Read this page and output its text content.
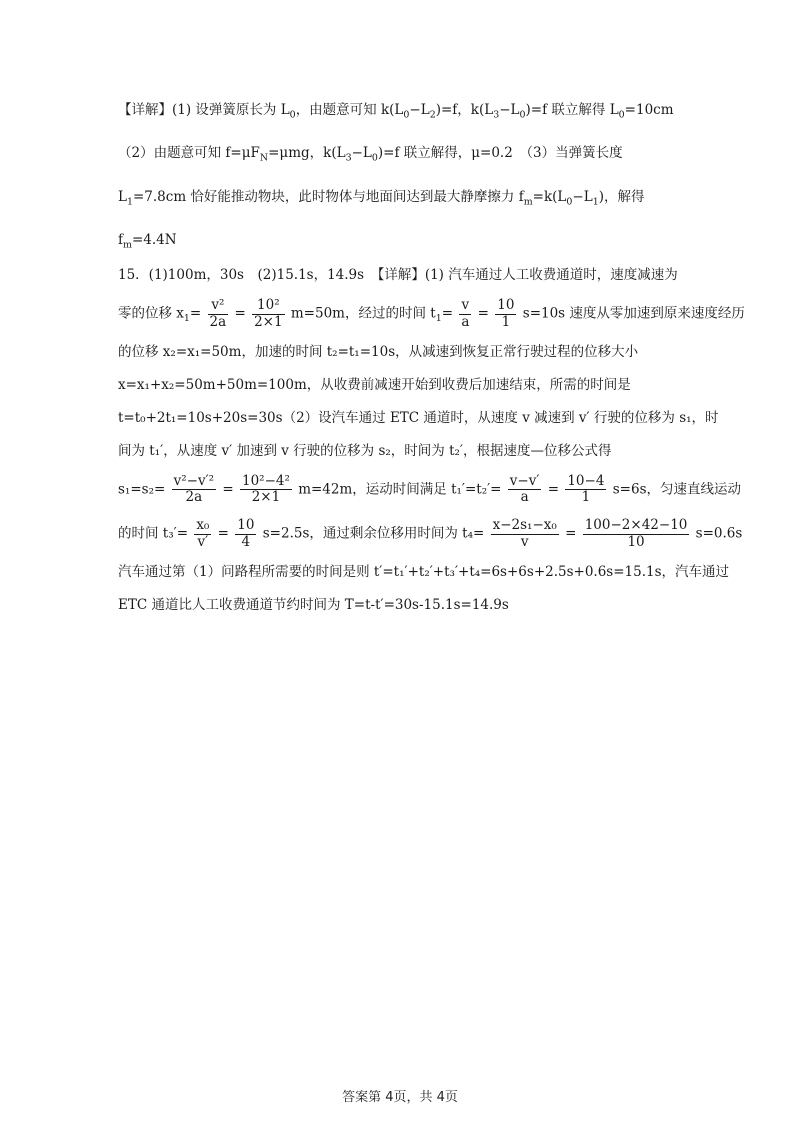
【详解】(1) 设弹簧原长为 $L_0$，由题意可知 $k(L_0-L_2)=f$，$k(L_3-L_0)=f$ 联立解得 $L_0=10cm$
（2）由题意可知 $f=\mu F_N=\mu mg$，$k(L_3-L_0)=f$ 联立解得，μ=0.2　（3）当弹簧长度
$L_1=7.8cm$ 恰好能推动物块，此时物体与地面间达到最大静摩擦力 $f_m=k(L_0-L_1)$，解得
$f_m=4.4N$
15．(1)100m，30s　(2)15.1s，14.9s　【详解】(1) 汽车通过人工收费通道时，速度减速为
零的位移 $x_1= \frac{\text{v²}}{2a} = \frac{\text{10²}}{2\times 1} m=50m$，经过的时间 $t_1= \frac{v}{a} = \frac{10}{1} s=10s$ 速度从零加速到原来速度经历
的位移 x₂=x₁=50m，加速的时间 t₂=t₁=10s，从减速到恢复正常行驶过程的位移大小
x=x₁+x₂=50m+50m=100m，从收费前减速开始到收费后加速结束，所需的时间是
t=t₀+2t₁=10s+20s=30s（2）设汽车通过 ETC 通道时，从速度 v 减速到 v′ 行驶的位移为 s₁，时
间为 t₁′，从速度 v′ 加速到 v 行驶的位移为 s₂，时间为 t₂′，根据速度—位移公式得
$s_1=s_2= \frac{\text{v²−v′²}}{2a} = \frac{\text{10²−4²}}{2\times 1} m=42m$，运动时间满足 $t_1'=t_2'= \frac{v-v'}{a} = \frac{10-4}{1} s=6s$，匀速直线运动
的时间 $t_3'= \frac{\text{x₀}}{v'} = \frac{10}{4} s=2.5s$，通过剩余位移用时间为 $t_4= \frac{\text{x−2s₁−x₀}}{v} = \frac{100-2\times 42-10}{10} s=0.6s$
汽车通过第（1）问路程所需要的时间是则 t′=t₁′+t₂′+t₃′+t₄=6s+6s+2.5s+0.6s=15.1s，汽车通过
ETC 通道比人工收费通道节约时间为 T=t-t′=30s-15.1s=14.9s
答案第 4页，共 4页
